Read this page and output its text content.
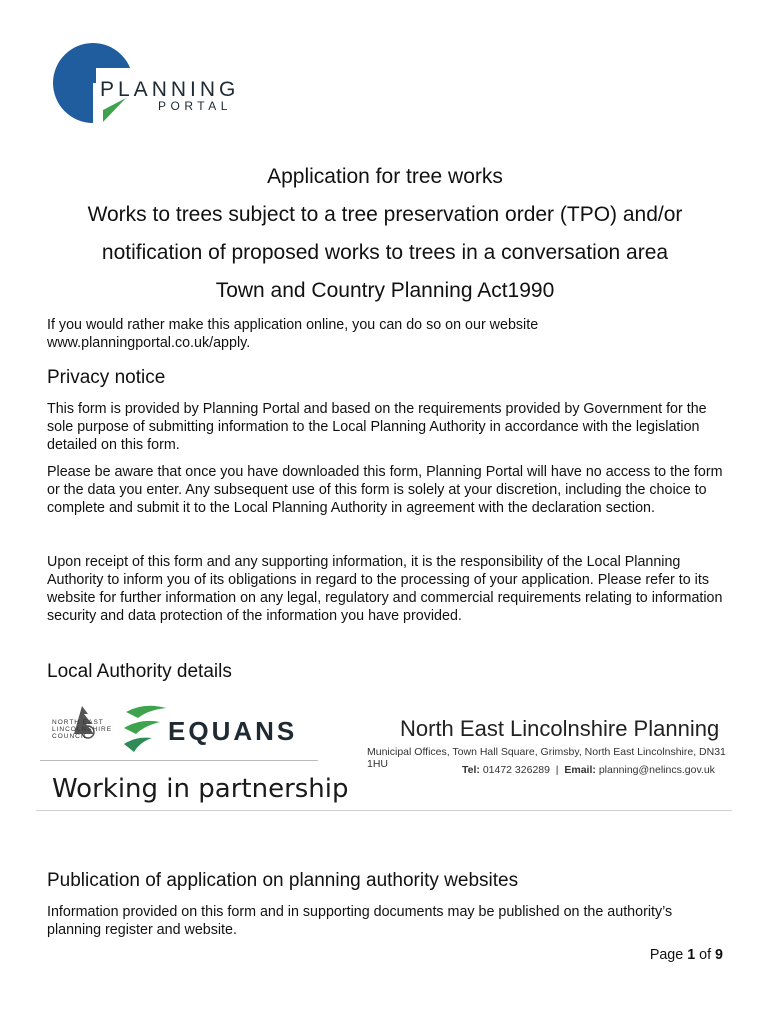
PLANNING
PORTAL
Application for tree works
Works to trees subject to a tree preservation order (TPO) and/or
notification of proposed works to trees in a conversation area
Town and Country Planning Act1990
If you would rather make this application online, you can do so on our website www.planningportal.co.uk/apply.
Privacy notice
This form is provided by Planning Portal and based on the requirements provided by Government for the sole purpose of submitting information to the Local Planning Authority in accordance with the legislation detailed on this form.
Please be aware that once you have downloaded this form, Planning Portal will have no access to the form or the data you enter. Any subsequent use of this form is solely at your discretion, including the choice to complete and submit it to the Local Planning Authority in agreement with the declaration section.
Upon receipt of this form and any supporting information, it is the responsibility of the Local Planning Authority to inform you of its obligations in regard to the processing of your application. Please refer to its website for further information on any legal, regulatory and commercial requirements relating to information security and data protection of the information you have provided.
Local Authority details
NORTH EAST LINCOLNSHIRE COUNCIL	EQUANS
Working in partnership
North East Lincolnshire Planning
Municipal Offices, Town Hall Square, Grimsby, North East Lincolnshire, DN31 1HU	Tel: 01472 326289  |  Email: planning@nelincs.gov.uk
Publication of application on planning authority websites
Information provided on this form and in supporting documents may be published on the authority’s planning register and website.
Page 1 of 9
